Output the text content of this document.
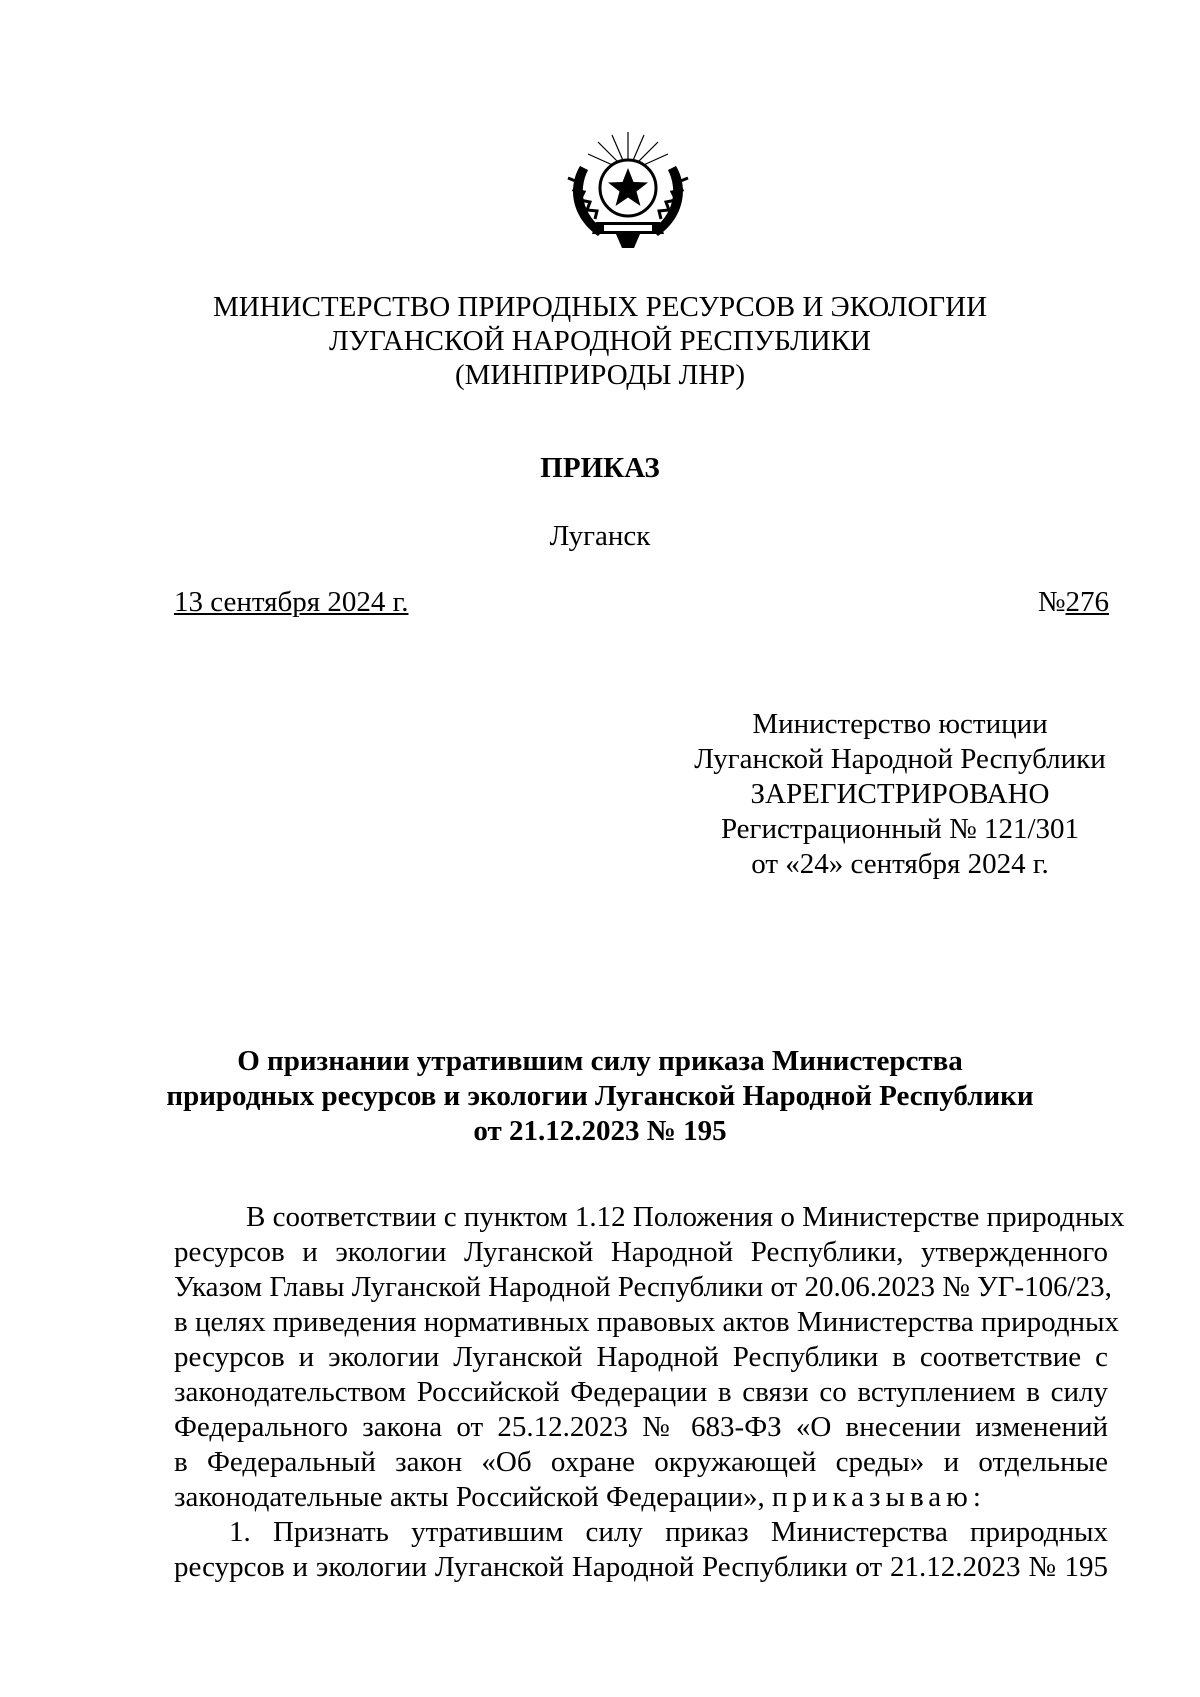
МИНИСТЕРСТВО ПРИРОДНЫХ РЕСУРСОВ И ЭКОЛОГИИ
ЛУГАНСКОЙ НАРОДНОЙ РЕСПУБЛИКИ
(МИНПРИРОДЫ ЛНР)
ПРИКАЗ
Луганск
13 сентября 2024 г.	№276
Министерство юстиции
Луганской Народной Республики
ЗАРЕГИСТРИРОВАНО
Регистрационный № 121/301
от «24» сентября 2024 г.
О признании утратившим силу приказа Министерства
природных ресурсов и экологии Луганской Народной Республики
от 21.12.2023 № 195
В соответствии с пунктом 1.12 Положения о Министерстве природных
ресурсов и экологии Луганской Народной Республики, утвержденного
Указом Главы Луганской Народной Республики от 20.06.2023 № УГ-106/23,
в целях приведения нормативных правовых актов Министерства природных
ресурсов и экологии Луганской Народной Республики в соответствие с
законодательством Российской Федерации в связи со вступлением в силу
Федерального закона от 25.12.2023 № 683-ФЗ «О внесении изменений
в Федеральный закон «Об охране окружающей среды» и отдельные
законодательные акты Российской Федерации», приказываю:
1. Признать утратившим силу приказ Министерства природных
ресурсов и экологии Луганской Народной Республики от 21.12.2023 № 195
